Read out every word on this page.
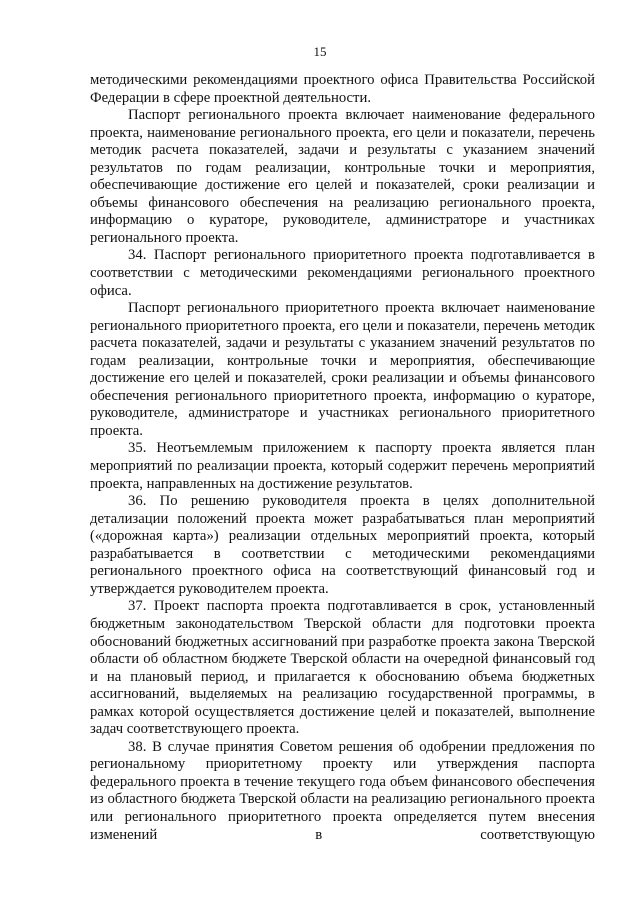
15

методическими рекомендациями проектного офиса Правительства Российской Федерации в сфере проектной деятельности.

Паспорт регионального проекта включает наименование федерального проекта, наименование регионального проекта, его цели и показатели, перечень методик расчета показателей, задачи и результаты с указанием значений результатов по годам реализации, контрольные точки и мероприятия, обеспечивающие достижение его целей и показателей, сроки реализации и объемы финансового обеспечения на реализацию регионального проекта, информацию о кураторе, руководителе, администраторе и участниках регионального проекта.

34. Паспорт регионального приоритетного проекта подготавливается в соответствии с методическими рекомендациями регионального проектного офиса.

Паспорт регионального приоритетного проекта включает наименование регионального приоритетного проекта, его цели и показатели, перечень методик расчета показателей, задачи и результаты с указанием значений результатов по годам реализации, контрольные точки и мероприятия, обеспечивающие достижение его целей и показателей, сроки реализации и объемы финансового обеспечения регионального приоритетного проекта, информацию о кураторе, руководителе, администраторе и участниках регионального приоритетного проекта.

35. Неотъемлемым приложением к паспорту проекта является план мероприятий по реализации проекта, который содержит перечень мероприятий проекта, направленных на достижение результатов.

36. По решению руководителя проекта в целях дополнительной детализации положений проекта может разрабатываться план мероприятий («дорожная карта») реализации отдельных мероприятий проекта, который разрабатывается в соответствии с методическими рекомендациями регионального проектного офиса на соответствующий финансовый год и утверждается руководителем проекта.

37. Проект паспорта проекта подготавливается в срок, установленный бюджетным законодательством Тверской области для подготовки проекта обоснований бюджетных ассигнований при разработке проекта закона Тверской области об областном бюджете Тверской области на очередной финансовый год и на плановый период, и прилагается к обоснованию объема бюджетных ассигнований, выделяемых на реализацию государственной программы, в рамках которой осуществляется достижение целей и показателей, выполнение задач соответствующего проекта.

38. В случае принятия Советом решения об одобрении предложения по региональному приоритетному проекту или утверждения паспорта федерального проекта в течение текущего года объем финансового обеспечения из областного бюджета Тверской области на реализацию регионального проекта или регионального приоритетного проекта определяется путем внесения изменений в соответствующую
